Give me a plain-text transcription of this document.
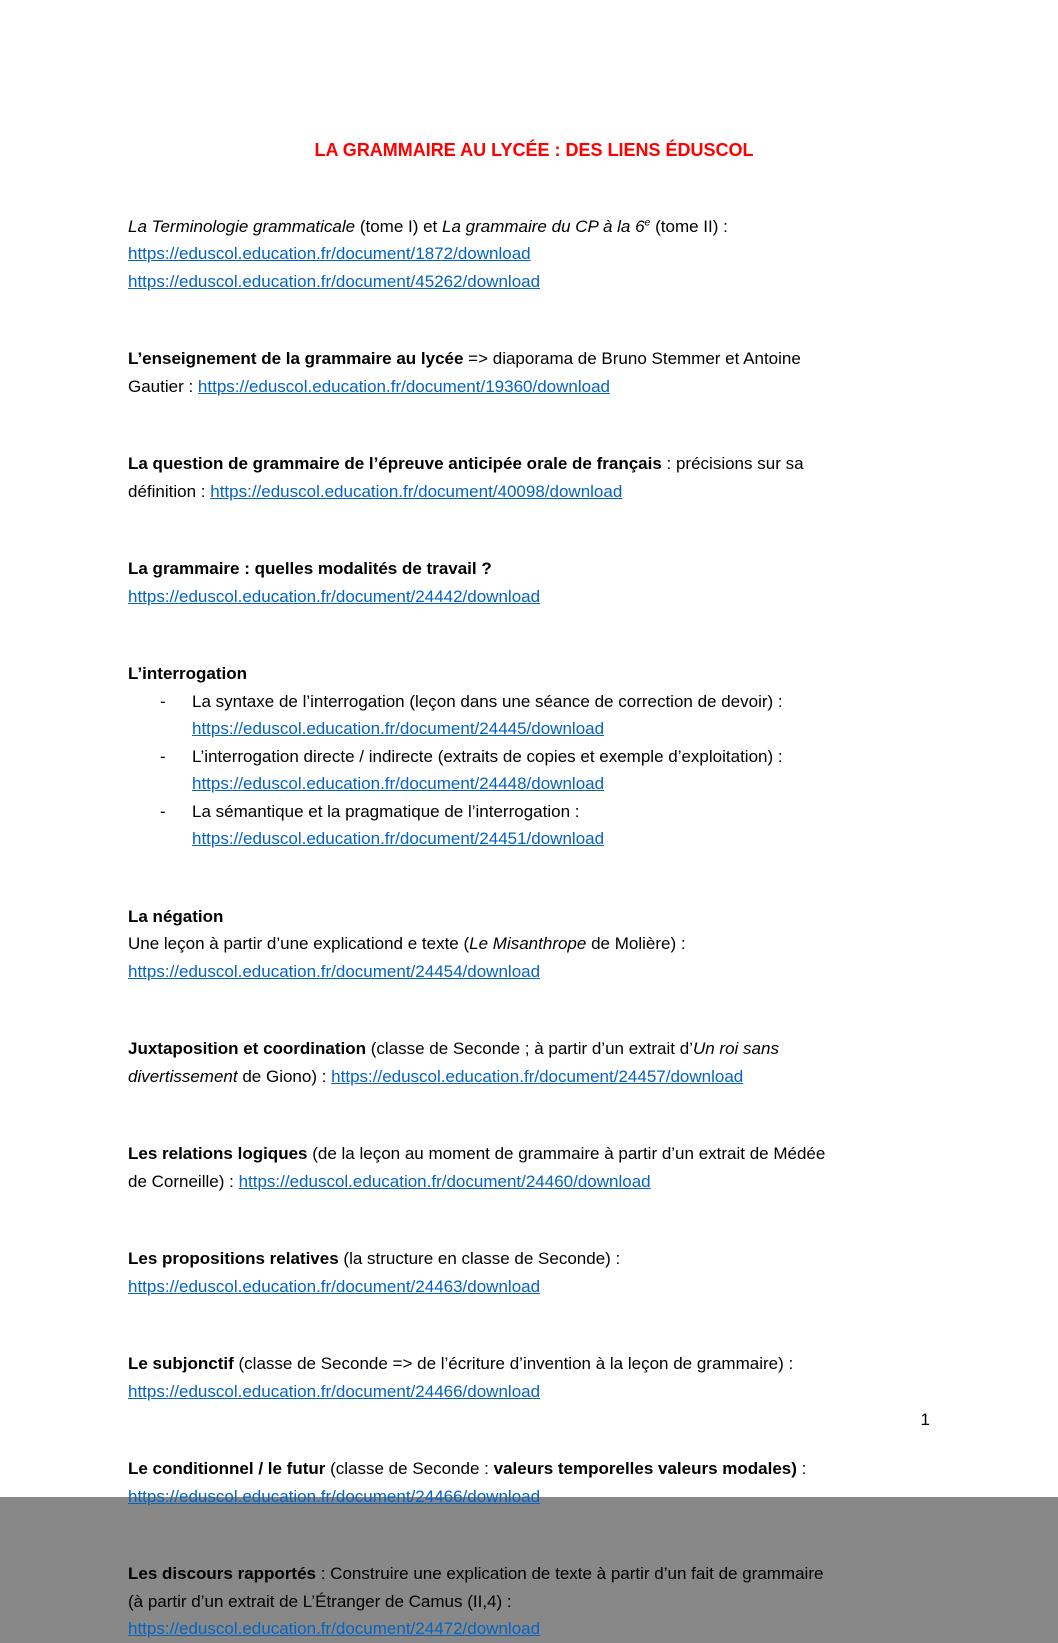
LA GRAMMAIRE AU LYCÉE : DES LIENS ÉDUSCOL
La Terminologie grammaticale (tome I) et La grammaire du CP à la 6e (tome II) :
https://eduscol.education.fr/document/1872/download
https://eduscol.education.fr/document/45262/download
L’enseignement de la grammaire au lycée => diaporama de Bruno Stemmer et Antoine
Gautier : https://eduscol.education.fr/document/19360/download
La question de grammaire de l’épreuve anticipée orale de français : précisions sur sa
définition : https://eduscol.education.fr/document/40098/download
La grammaire : quelles modalités de travail ?
https://eduscol.education.fr/document/24442/download
L’interrogation
-	La syntaxe de l’interrogation (leçon dans une séance de correction de devoir) :
https://eduscol.education.fr/document/24445/download
-	L’interrogation directe / indirecte (extraits de copies et exemple d’exploitation) :
https://eduscol.education.fr/document/24448/download
-	La sémantique et la pragmatique de l’interrogation :
https://eduscol.education.fr/document/24451/download
La négation
Une leçon à partir d’une explicationd e texte (Le Misanthrope de Molière) :
https://eduscol.education.fr/document/24454/download
Juxtaposition et coordination (classe de Seconde ; à partir d’un extrait d’Un roi sans
divertissement de Giono) : https://eduscol.education.fr/document/24457/download
Les relations logiques (de la leçon au moment de grammaire à partir d’un extrait de Médée
de Corneille) : https://eduscol.education.fr/document/24460/download
Les propositions relatives (la structure en classe de Seconde) :
https://eduscol.education.fr/document/24463/download
Le subjonctif (classe de Seconde => de l’écriture d’invention à la leçon de grammaire) :
https://eduscol.education.fr/document/24466/download
Le conditionnel / le futur (classe de Seconde : valeurs temporelles valeurs modales) :
https://eduscol.education.fr/document/24466/download
Les discours rapportés : Construire une explication de texte à partir d’un fait de grammaire
(à partir d’un extrait de L’Étranger de Camus (II,4) :
https://eduscol.education.fr/document/24472/download
1
